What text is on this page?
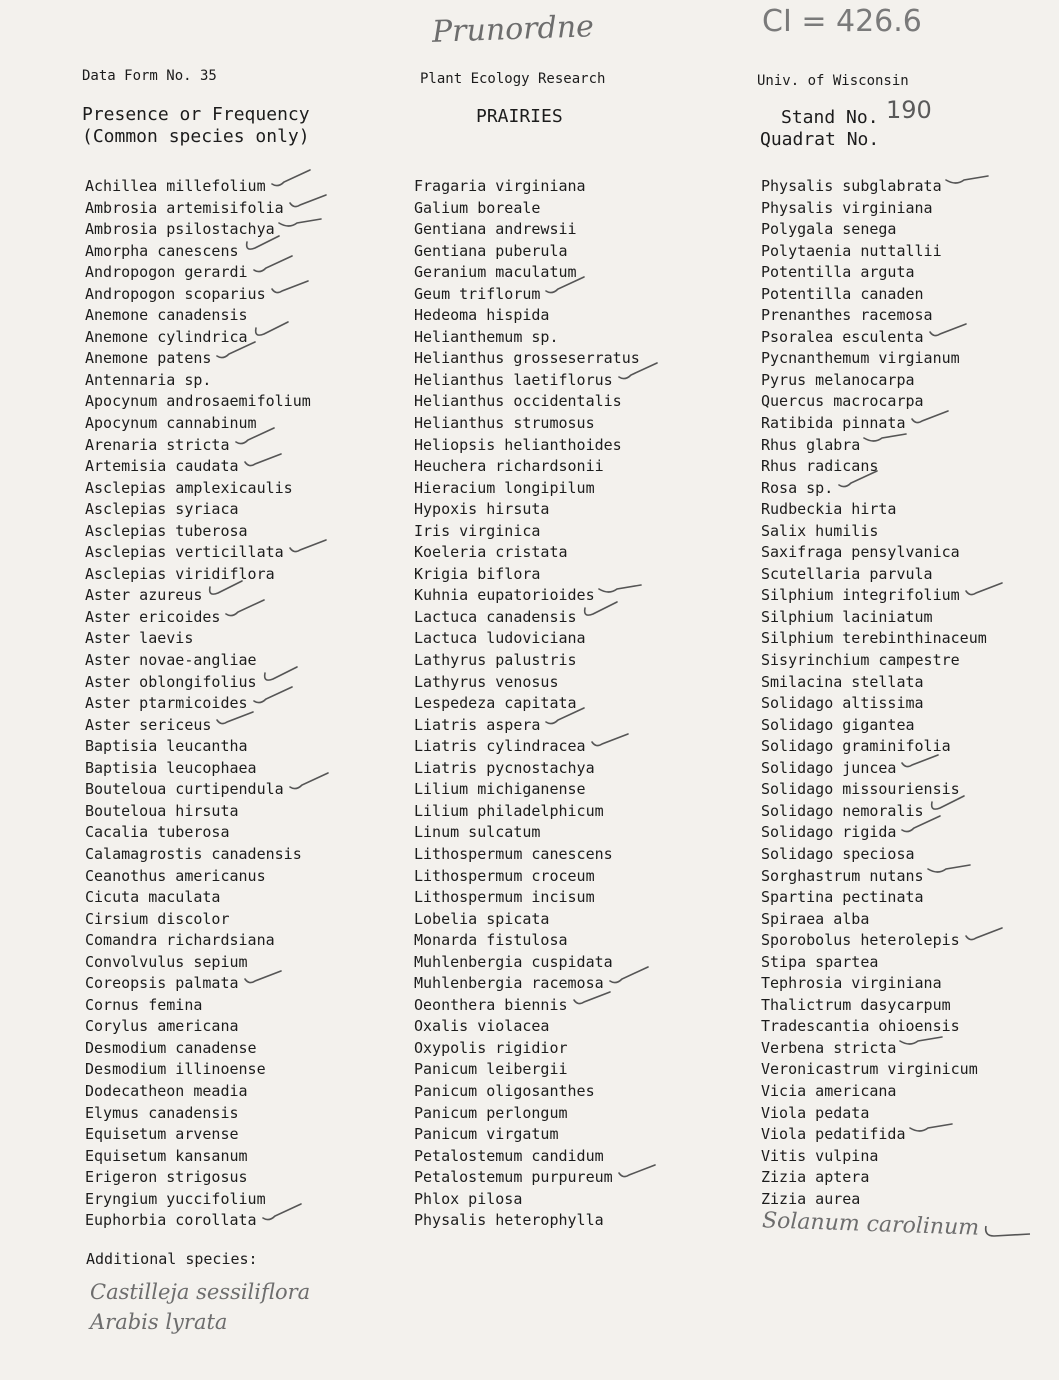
Prunordne	CI = 426.6
Data Form No. 35	Plant Ecology Research	Univ. of Wisconsin
Presence or Frequency
(Common species only)
PRAIRIES	Stand No. 190
Quadrat No.
Achillea millefolium
Ambrosia artemisifolia
Ambrosia psilostachya
Amorpha canescens
Andropogon gerardi
Andropogon scoparius
Anemone canadensis
Anemone cylindrica
Anemone patens
Antennaria sp.
Apocynum androsaemifolium
Apocynum cannabinum
Arenaria stricta
Artemisia caudata
Asclepias amplexicaulis
Asclepias syriaca
Asclepias tuberosa
Asclepias verticillata
Asclepias viridiflora
Aster azureus
Aster ericoides
Aster laevis
Aster novae-angliae
Aster oblongifolius
Aster ptarmicoides
Aster sericeus
Baptisia leucantha
Baptisia leucophaea
Bouteloua curtipendula
Bouteloua hirsuta
Cacalia tuberosa
Calamagrostis canadensis
Ceanothus americanus
Cicuta maculata
Cirsium discolor
Comandra richardsiana
Convolvulus sepium
Coreopsis palmata
Cornus femina
Corylus americana
Desmodium canadense
Desmodium illinoense
Dodecatheon meadia
Elymus canadensis
Equisetum arvense
Equisetum kansanum
Erigeron strigosus
Eryngium yuccifolium
Euphorbia corollata
Fragaria virginiana
Galium boreale
Gentiana andrewsii
Gentiana puberula
Geranium maculatum
Geum triflorum
Hedeoma hispida
Helianthemum sp.
Helianthus grosseserratus
Helianthus laetiflorus
Helianthus occidentalis
Helianthus strumosus
Heliopsis helianthoides
Heuchera richardsonii
Hieracium longipilum
Hypoxis hirsuta
Iris virginica
Koeleria cristata
Krigia biflora
Kuhnia eupatorioides
Lactuca canadensis
Lactuca ludoviciana
Lathyrus palustris
Lathyrus venosus
Lespedeza capitata
Liatris aspera
Liatris cylindracea
Liatris pycnostachya
Lilium michiganense
Lilium philadelphicum
Linum sulcatum
Lithospermum canescens
Lithospermum croceum
Lithospermum incisum
Lobelia spicata
Monarda fistulosa
Muhlenbergia cuspidata
Muhlenbergia racemosa
Oeonthera biennis
Oxalis violacea
Oxypolis rigidior
Panicum leibergii
Panicum oligosanthes
Panicum perlongum
Panicum virgatum
Petalostemum candidum
Petalostemum purpureum
Phlox pilosa
Physalis heterophylla
Physalis subglabrata
Physalis virginiana
Polygala senega
Polytaenia nuttallii
Potentilla arguta
Potentilla canaden
Prenanthes racemosa
Psoralea esculenta
Pycnanthemum virgianum
Pyrus melanocarpa
Quercus macrocarpa
Ratibida pinnata
Rhus glabra
Rhus radicans
Rosa sp.
Rudbeckia hirta
Salix humilis
Saxifraga pensylvanica
Scutellaria parvula
Silphium integrifolium
Silphium laciniatum
Silphium terebinthinaceum
Sisyrinchium campestre
Smilacina stellata
Solidago altissima
Solidago gigantea
Solidago graminifolia
Solidago juncea
Solidago missouriensis
Solidago nemoralis
Solidago rigida
Solidago speciosa
Sorghastrum nutans
Spartina pectinata
Spiraea alba
Sporobolus heterolepis
Stipa spartea
Tephrosia virginiana
Thalictrum dasycarpum
Tradescantia ohioensis
Verbena stricta
Veronicastrum virginicum
Vicia americana
Viola pedata
Viola pedatifida
Vitis vulpina
Zizia aptera
Zizia aurea
Solanum carolinum
Additional species:
Castilleja sessiliflora
Arabis lyrata
